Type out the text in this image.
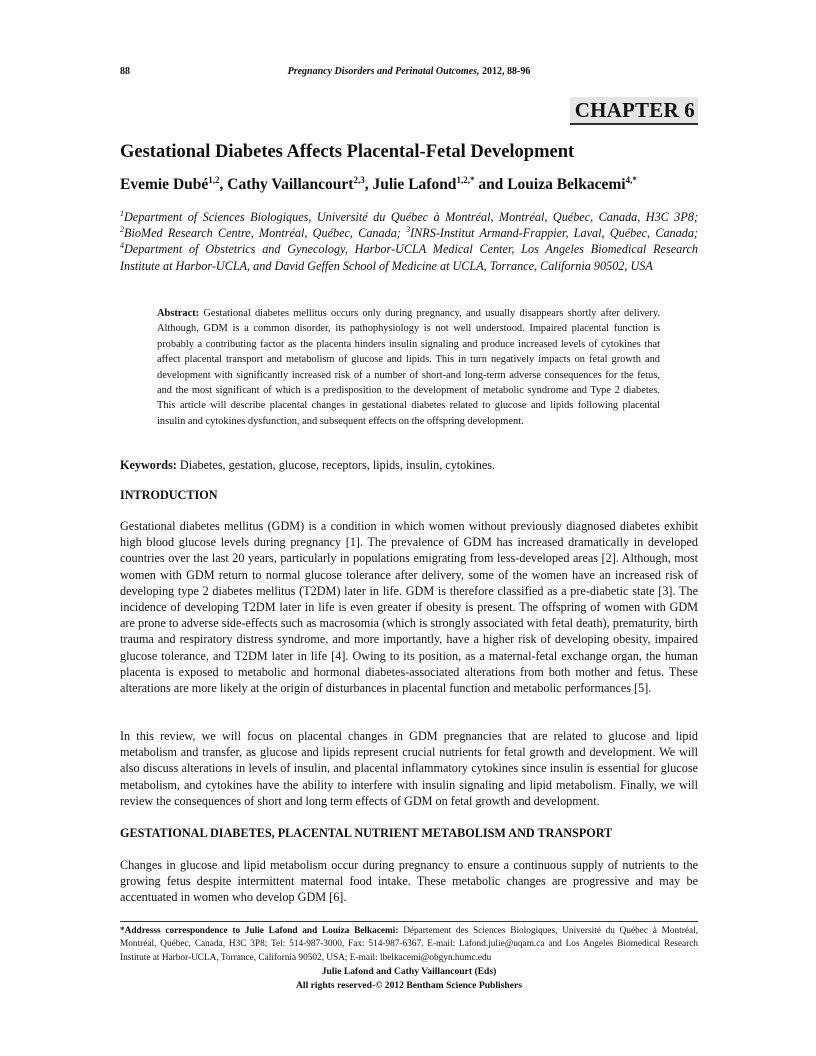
88	Pregnancy Disorders and Perinatal Outcomes, 2012, 88-96
CHAPTER 6
Gestational Diabetes Affects Placental-Fetal Development
Evemie Dubé$^{1,2}$, Cathy Vaillancourt$^{2,3}$, Julie Lafond$^{1,2,*}$ and Louiza Belkacemi$^{4,*}$
$^1$Department of Sciences Biologiques, Université du Québec à Montréal, Montréal, Québec, Canada, H3C 3P8; $^2$BioMed Research Centre, Montréal, Québec, Canada; $^3$INRS-Institut Armand-Frappier, Laval, Québec, Canada; $^4$Department of Obstetrics and Gynecology, Harbor-UCLA Medical Center, Los Angeles Biomedical Research Institute at Harbor-UCLA, and David Geffen School of Medicine at UCLA, Torrance, California 90502, USA
Abstract: Gestational diabetes mellitus occurs only during pregnancy, and usually disappears shortly after delivery. Although, GDM is a common disorder, its pathophysiology is not well understood. Impaired placental function is probably a contributing factor as the placenta hinders insulin signaling and produce increased levels of cytokines that affect placental transport and metabolism of glucose and lipids. This in turn negatively impacts on fetal growth and development with significantly increased risk of a number of short-and long-term adverse consequences for the fetus, and the most significant of which is a predisposition to the development of metabolic syndrome and Type 2 diabetes. This article will describe placental changes in gestational diabetes related to glucose and lipids following placental insulin and cytokines dysfunction, and subsequent effects on the offspring development.
Keywords: Diabetes, gestation, glucose, receptors, lipids, insulin, cytokines.
INTRODUCTION
Gestational diabetes mellitus (GDM) is a condition in which women without previously diagnosed diabetes exhibit high blood glucose levels during pregnancy [1]. The prevalence of GDM has increased dramatically in developed countries over the last 20 years, particularly in populations emigrating from less-developed areas [2]. Although, most women with GDM return to normal glucose tolerance after delivery, some of the women have an increased risk of developing type 2 diabetes mellitus (T2DM) later in life. GDM is therefore classified as a pre-diabetic state [3]. The incidence of developing T2DM later in life is even greater if obesity is present. The offspring of women with GDM are prone to adverse side-effects such as macrosomia (which is strongly associated with fetal death), prematurity, birth trauma and respiratory distress syndrome, and more importantly, have a higher risk of developing obesity, impaired glucose tolerance, and T2DM later in life [4]. Owing to its position, as a maternal-fetal exchange organ, the human placenta is exposed to metabolic and hormonal diabetes-associated alterations from both mother and fetus. These alterations are more likely at the origin of disturbances in placental function and metabolic performances [5].
In this review, we will focus on placental changes in GDM pregnancies that are related to glucose and lipid metabolism and transfer, as glucose and lipids represent crucial nutrients for fetal growth and development. We will also discuss alterations in levels of insulin, and placental inflammatory cytokines since insulin is essential for glucose metabolism, and cytokines have the ability to interfere with insulin signaling and lipid metabolism. Finally, we will review the consequences of short and long term effects of GDM on fetal growth and development.
GESTATIONAL DIABETES, PLACENTAL NUTRIENT METABOLISM AND TRANSPORT
Changes in glucose and lipid metabolism occur during pregnancy to ensure a continuous supply of nutrients to the growing fetus despite intermittent maternal food intake. These metabolic changes are progressive and may be accentuated in women who develop GDM [6].
*Addresss correspondence to Julie Lafond and Louiza Belkacemi: Département des Sciences Biologiques, Université du Québec à Montréal, Montréal, Québec, Canada, H3C 3P8; Tel: 514-987-3000, Fax: 514-987-6367. E-mail: Lafond.julie@uqam.ca and Los Angeles Biomedical Research Institute at Harbor-UCLA, Torrance, California 90502, USA; E-mail: lbelkacemi@obgyn.humc.edu
Julie Lafond and Cathy Vaillancourt (Eds)
All rights reserved-© 2012 Bentham Science Publishers
